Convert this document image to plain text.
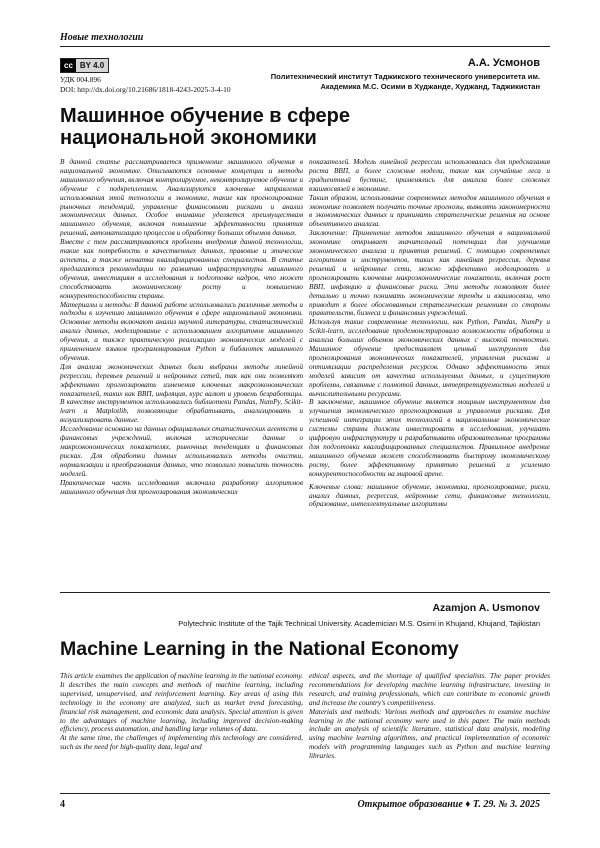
Новые технологии
cc BY 4.0
УДК 004.896
DOI: http://dx.doi.org/10.21686/1818-4243-2025-3-4-10
А.А. Усмонов
Политехнический институт Таджикского технического университета им. Академика М.С. Осими в Худжанде, Худжанд, Таджикистан
Машинное обучение в сфере национальной экономики

В данной статье рассматривается применение машинного обучения в национальной экономике. Описываются основные концепции и методы машинного обучения, включая контролируемое, неконтролируемое обучение и обучение с подкреплением. Анализируются ключевые направления использования этой технологии в экономике, такие как прогнозирование рыночных тенденций, управление финансовыми рисками и анализ экономических данных. Особое внимание уделяется преимуществам машинного обучения, включая повышение эффективности принятия решений, автоматизацию процессов и обработку больших объемов данных.

Вместе с тем рассматриваются проблемы внедрения данной технологии, такие как потребность в качественных данных, правовые и этические аспекты, а также нехватка квалифицированных специалистов. В статье предлагаются рекомендации по развитию инфраструктуры машинного обучения, инвестициям в исследования и подготовке кадров, что может способствовать экономическому росту и повышению конкурентоспособности страны.

Материалы и методы: В данной работе использовались различные методы и подходы к изучению машинного обучения в сфере национальной экономики. Основные методы включают анализ научной литературы, статистический анализ данных, моделирование с использованием алгоритмов машинного обучения, а также практическую реализацию экономических моделей с применением языков программирования Python и библиотек машинного обучения.

Для анализа экономических данных были выбраны методы линейной регрессии, деревьев решений и нейронных сетей, так как они позволяют эффективно прогнозировать изменения ключевых макроэкономических показателей, таких как ВВП, инфляция, курс валют и уровень безработицы. В качестве инструментов использовались библиотеки Pandas, NumPy, Scikit-learn и Matplotlib, позволяющие обрабатывать, анализировать и визуализировать данные.

Исследование основано на данных официальных статистических агентств и финансовых учреждений, включая исторические данные о макроэкономических показателях, рыночных тенденциях и финансовых рисках. Для обработки данных использовались методы очистки, нормализации и преобразования данных, что позволило повысить точность моделей.

Практическая часть исследования включала разработку алгоритмов машинного обучения для прогнозирования экономических

показателей. Модель линейной регрессии использовалась для предсказания роста ВВП, а более сложные модели, такие как случайные леса и градиентный бустинг, применялись для анализа более сложных взаимосвязей в экономике.

Таким образом, использование современных методов машинного обучения в экономике позволяет получать точные прогнозы, выявлять закономерности в экономических данных и принимать стратегические решения на основе объективного анализа.

Заключение: Применение методов машинного обучения в национальной экономике открывает значительный потенциал для улучшения экономического анализа и принятия решений. С помощью современных алгоритмов и инструментов, таких как линейная регрессия, деревья решений и нейронные сети, можно эффективно моделировать и прогнозировать ключевые макроэкономические показатели, включая рост ВВП, инфляцию и финансовые риски. Эти методы позволяют более детально и точно понимать экономические тренды и взаимосвязи, что приводит к более обоснованным стратегическим решениям со стороны правительств, бизнеса и финансовых учреждений.

Используя такие современные технологии, как Python, Pandas, NumPy и Scikit-learn, исследование продемонстрировало возможности обработки и анализа больших объемов экономических данных с высокой точностью. Машинное обучение предоставляет ценный инструмент для прогнозирования экономических показателей, управления рисками и оптимизации распределения ресурсов. Однако эффективность этих моделей зависит от качества используемых данных, и существуют проблемы, связанные с полнотой данных, интерпретируемостью моделей и вычислительными ресурсами.

В заключение, машинное обучение является мощным инструментом для улучшения экономического прогнозирования и управления рисками. Для успешной интеграции этих технологий в национальные экономические системы страны должны инвестировать в исследования, улучшать цифровую инфраструктуру и разрабатывать образовательные программы для подготовки квалифицированных специалистов. Правильное внедрение машинного обучения может способствовать быстрому экономическому росту, более эффективному принятию решений и усилению конкурентоспособности на мировой арене.

Ключевые слова: машинное обучение, экономика, прогнозирование, риски, анализ данных, регрессия, нейронные сети, финансовые технологии, образование, интеллектуальные алгоритмы

Azamjon A. Usmonov
Polytechnic Institute of the Tajik Technical University. Academician M.S. Osimi in Khujand, Khujand, Tajikistan
Machine Learning in the National Economy

This article examines the application of machine learning in the national economy. It describes the main concepts and methods of machine learning, including supervised, unsupervised, and reinforcement learning. Key areas of using this technology in the economy are analyzed, such as market trend forecasting, financial risk management, and economic data analysis. Special attention is given to the advantages of machine learning, including improved decision-making efficiency, process automation, and handling large volumes of data.

At the same time, the challenges of implementing this technology are considered, such as the need for high-quality data, legal and

ethical aspects, and the shortage of qualified specialists. The paper provides recommendations for developing machine learning infrastructure, investing in research, and training professionals, which can contribute to economic growth and increase the country's competitiveness.

Materials and methods: Various methods and approaches to examine machine learning in the national economy were used in this paper. The main methods include an analysis of scientific literature, statistical data analysis, modeling using machine learning algorithms, and practical implementation of economic models with programming languages such as Python and machine learning libraries.

4	Открытое образование ♦ Т. 29. № 3. 2025
